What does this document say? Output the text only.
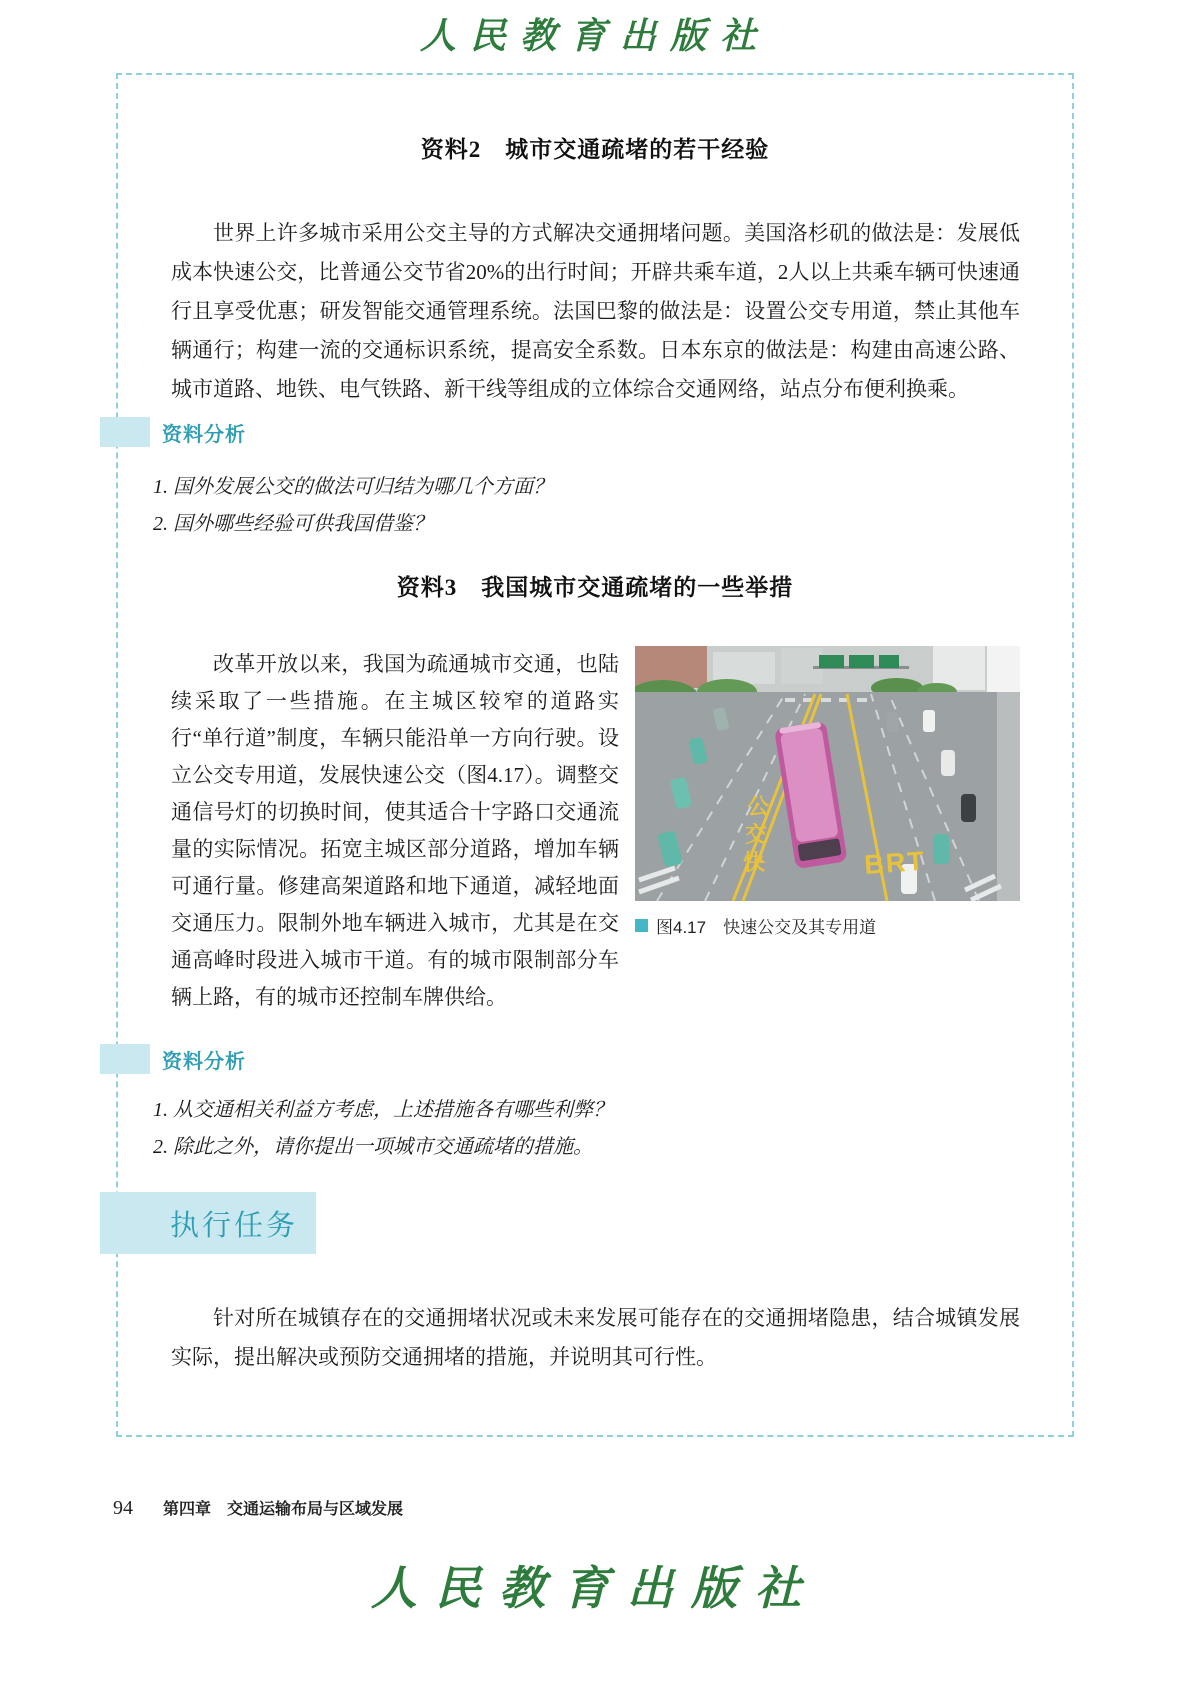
人民教育出版社
资料2　城市交通疏堵的若干经验

世界上许多城市采用公交主导的方式解决交通拥堵问题。美国洛杉矶的做法是：发展低成本快速公交，比普通公交节省20%的出行时间；开辟共乘车道，2人以上共乘车辆可快速通行且享受优惠；研发智能交通管理系统。法国巴黎的做法是：设置公交专用道，禁止其他车辆通行；构建一流的交通标识系统，提高安全系数。日本东京的做法是：构建由高速公路、城市道路、地铁、电气铁路、新干线等组成的立体综合交通网络，站点分布便利换乘。

资料分析
1. 国外发展公交的做法可归结为哪几个方面？
2. 国外哪些经验可供我国借鉴？
资料3　我国城市交通疏堵的一些举措

改革开放以来，我国为疏通城市交通，也陆续采取了一些措施。在主城区较窄的道路实行“单行道”制度，车辆只能沿单一方向行驶。设立公交专用道，发展快速公交（图4.17）。调整交通信号灯的切换时间，使其适合十字路口交通流量的实际情况。拓宽主城区部分道路，增加车辆可通行量。修建高架道路和地下通道，减轻地面交通压力。限制外地车辆进入城市，尤其是在交通高峰时段进入城市干道。有的城市限制部分车辆上路，有的城市还控制车牌供给。

公
交
快	BRT
图4.17　快速公交及其专用道
资料分析
1. 从交通相关利益方考虑，上述措施各有哪些利弊？
2. 除此之外，请你提出一项城市交通疏堵的措施。
执行任务

针对所在城镇存在的交通拥堵状况或未来发展可能存在的交通拥堵隐患，结合城镇发展实际，提出解决或预防交通拥堵的措施，并说明其可行性。

94 第四章 交通运输布局与区域发展
人民教育出版社
